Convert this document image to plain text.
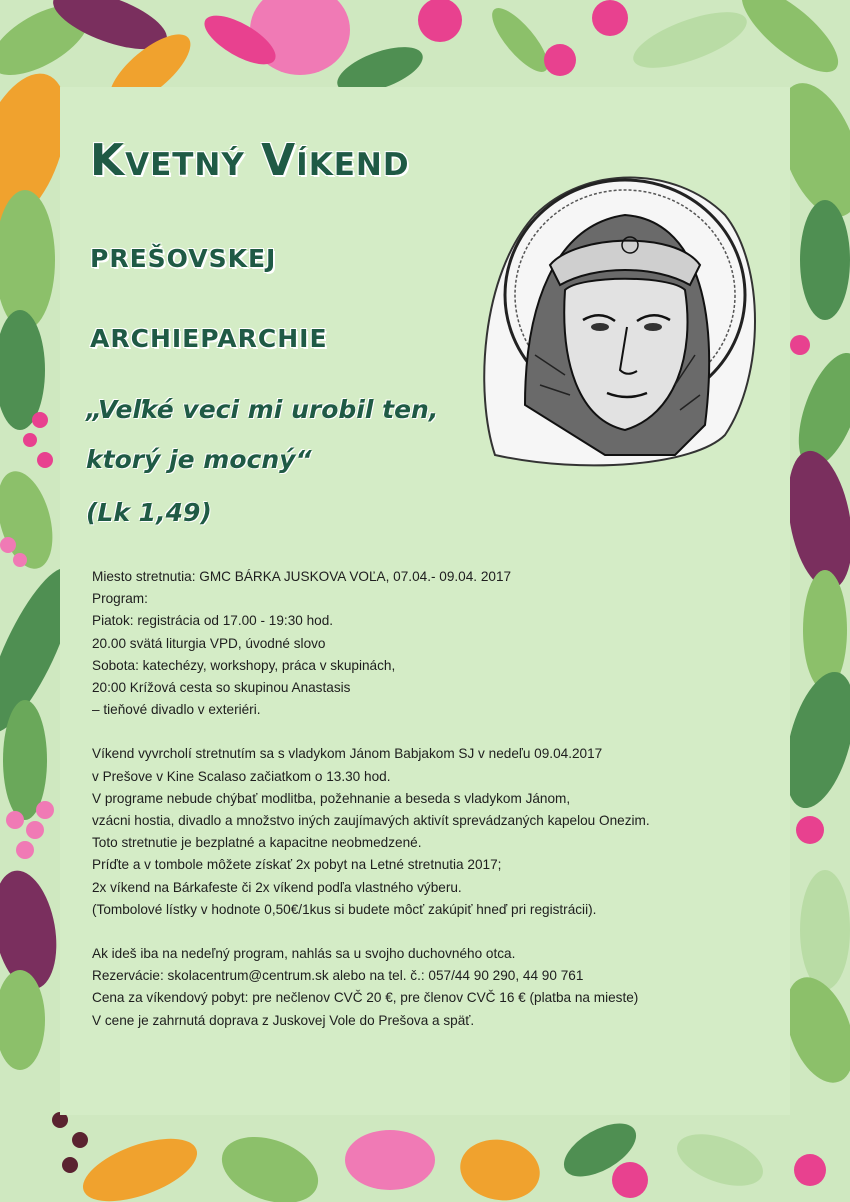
Kvetný Víkend
prešovskej
archieparchie
„Veľké veci mi urobil ten,
ktorý je mocný“
(Lk 1,49)

Miesto stretnutia: GMC BÁRKA JUSKOVA VOĽA, 07.04.- 09.04. 2017

Program:

Piatok: registrácia od 17.00 - 19:30 hod.

20.00 svätá liturgia VPD, úvodné slovo

Sobota: katechézy, workshopy, práca v skupinách,

20:00 Krížová cesta so skupinou Anastasis

– tieňové divadlo v exteriéri.

Víkend vyvrcholí stretnutím sa s vladykom Jánom Babjakom SJ v nedeľu 09.04.2017

v Prešove v Kine Scalaso začiatkom o 13.30 hod.

V programe nebude chýbať modlitba, požehnanie a beseda s vladykom Jánom,

vzácni hostia, divadlo a množstvo iných zaujímavých aktivít sprevádzaných kapelou Onezim.

Toto stretnutie je bezplatné a kapacitne neobmedzené.

Príďte a v tombole môžete získať 2x pobyt na Letné stretnutia 2017;

2x víkend na Bárkafeste či 2x víkend podľa vlastného výberu.

(Tombolové lístky v hodnote 0,50€/1kus si budete môcť zakúpiť hneď pri registrácii).

Ak ideš iba na nedeľný program, nahlás sa u svojho duchovného otca.

Rezervácie: skolacentrum@centrum.sk alebo na tel. č.: 057/44 90 290, 44 90 761

Cena za víkendový pobyt: pre nečlenov CVČ 20 €, pre členov CVČ 16 € (platba na mieste)

V cene je zahrnutá doprava z Juskovej Vole do Prešova a späť.
